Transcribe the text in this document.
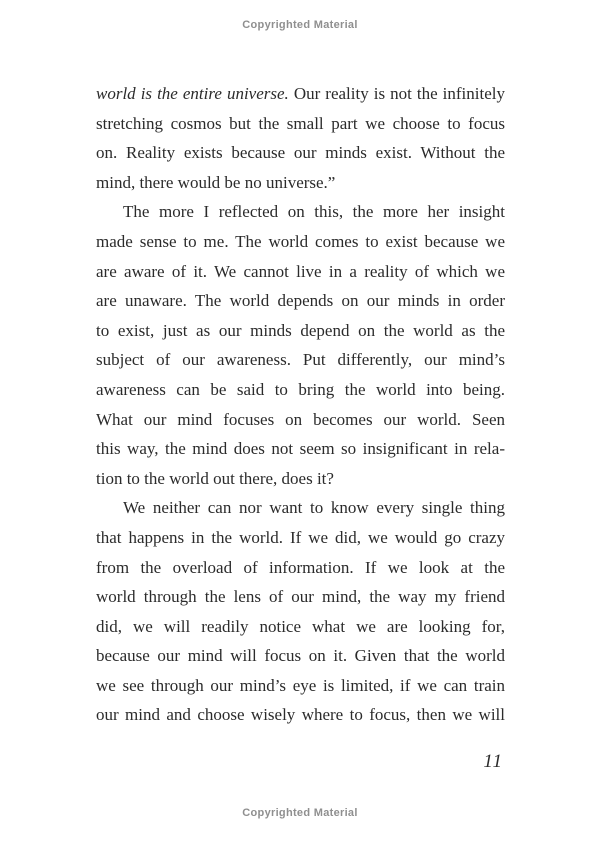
Copyrighted Material
world is the entire universe. Our reality is not the infinitely
stretching cosmos but the small part we choose to focus
on. Reality exists because our minds exist. Without the
mind, there would be no universe.”
The more I reflected on this, the more her insight
made sense to me. The world comes to exist because we
are aware of it. We cannot live in a reality of which we
are unaware. The world depends on our minds in order
to exist, just as our minds depend on the world as the
subject of our awareness. Put differently, our mind’s
awareness can be said to bring the world into being.
What our mind focuses on becomes our world. Seen
this way, the mind does not seem so insignificant in rela-
tion to the world out there, does it?
We neither can nor want to know every single thing
that happens in the world. If we did, we would go crazy
from the overload of information. If we look at the
world through the lens of our mind, the way my friend
did, we will readily notice what we are looking for,
because our mind will focus on it. Given that the world
we see through our mind’s eye is limited, if we can train
our mind and choose wisely where to focus, then we will
11
Copyrighted Material
